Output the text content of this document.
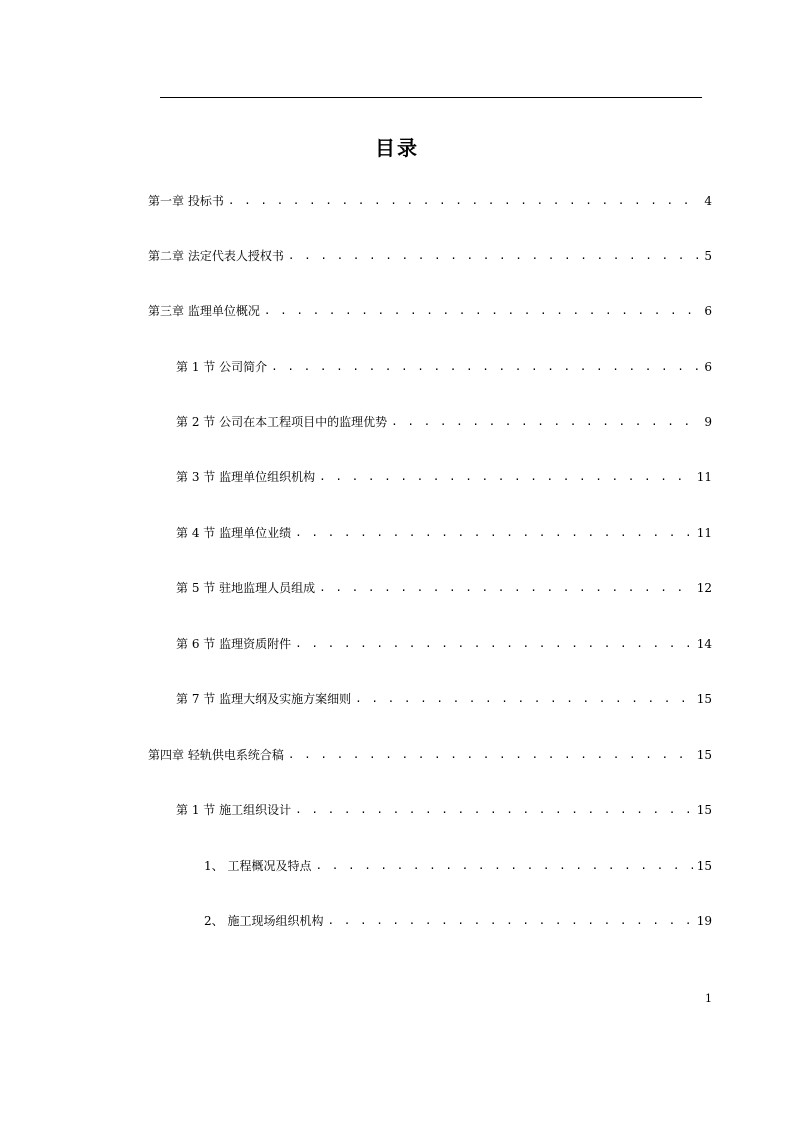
目录
第一章 投标书 . . .	4
第二章 法定代表人授权书 . . .	5
第三章 监理单位概况 . . .	6
第 1 节 公司简介 . . .	6
第 2 节 公司在本工程项目中的监理优势 . . .	9
第 3 节 监理单位组织机构 . . .	11
第 4 节 监理单位业绩 . . .	11
第 5 节 驻地监理人员组成 . . .	12
第 6 节 监理资质附件 . . .	14
第 7 节 监理大纲及实施方案细则 . . .	15
第四章 轻轨供电系统合稿 . . .	15
第 1 节 施工组织设计 . . .	15
1、 工程概况及特点 . . .	15
2、 施工现场组织机构 . . .	19
1
